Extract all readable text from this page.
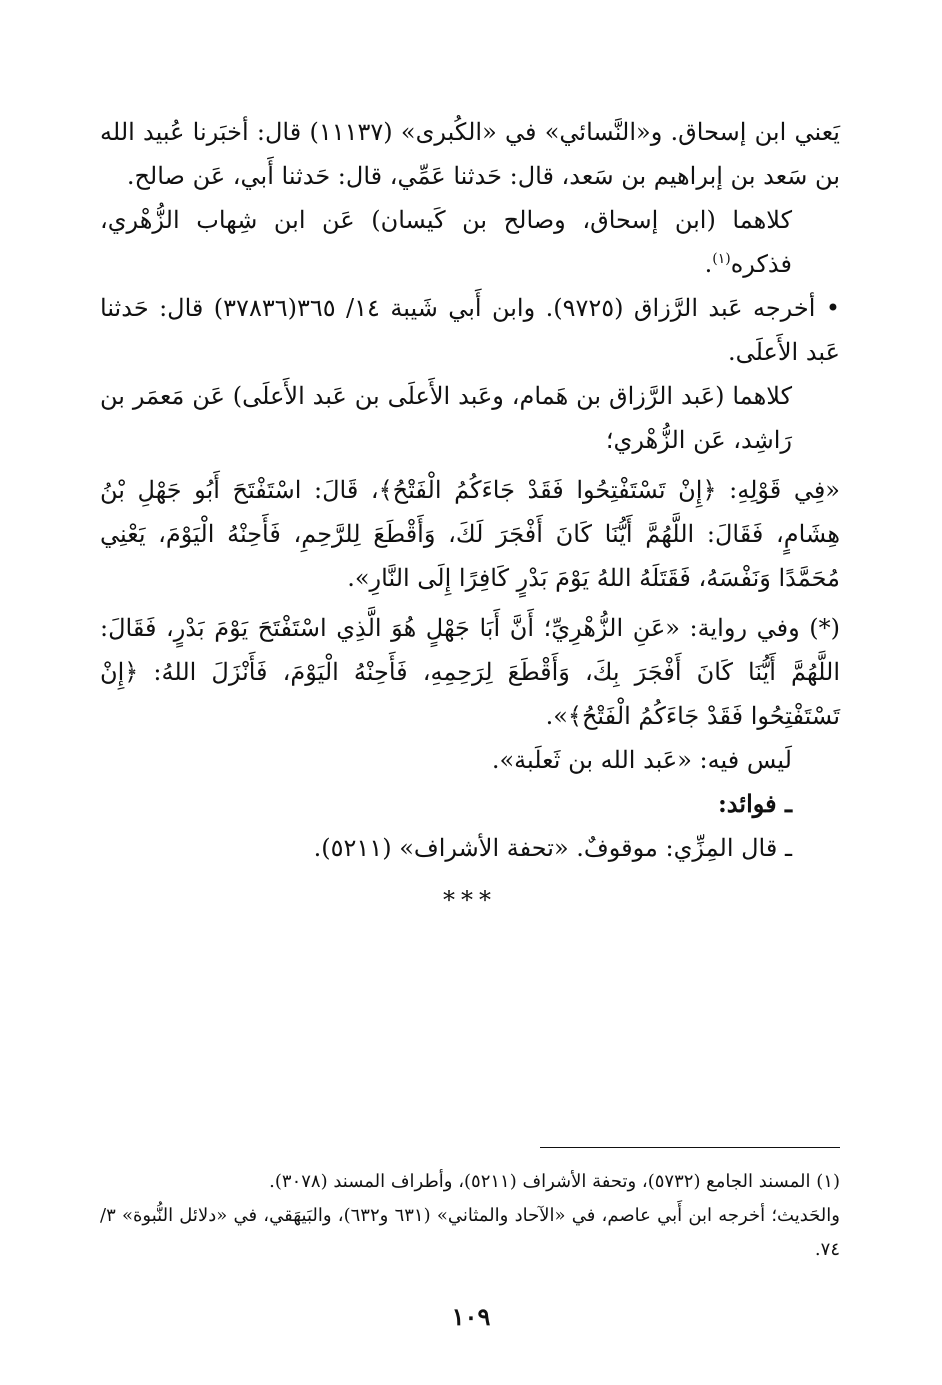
يَعني ابن إسحاق. و«النَّسائي» في «الكُبرى» (١١١٣٧) قال: أخبَرنا عُبيد الله بن سَعد بن إبراهيم بن سَعد، قال: حَدثنا عَمِّي، قال: حَدثنا أَبي، عَن صالح.

كلاهما (ابن إسحاق، وصالح بن كَيسان) عَن ابن شِهاب الزُّهْري، فذكره$^{(١)}$.

• أخرجه عَبد الرَّزاق (٩٧٢٥). وابن أَبي شَيبة ١٤/ ٣٦٥(٣٧٨٣٦) قال: حَدثنا عَبد الأَعلَى.

كلاهما (عَبد الرَّزاق بن هَمام، وعَبد الأَعلَى بن عَبد الأَعلَى) عَن مَعمَر بن رَاشِد، عَن الزُّهْري؛

«فِي قَوْلِهِ: ﴿إِنْ تَسْتَفْتِحُوا فَقَدْ جَاءَكُمُ الْفَتْحُ﴾، قَالَ: اسْتَفْتَحَ أَبُو جَهْلِ بْنُ هِشَامٍ، فَقَالَ: اللَّهُمَّ أَيُّنَا كَانَ أَفْجَرَ لَكَ، وَأَقْطَعَ لِلرَّحِمِ، فَأَحِنْهُ الْيَوْمَ، يَعْنِي مُحَمَّدًا وَنَفْسَهُ، فَقَتَلَهُ اللهُ يَوْمَ بَدْرٍ كَافِرًا إِلَى النَّارِ».

(*) وفي رواية: «عَنِ الزُّهْرِيِّ؛ أَنَّ أَبَا جَهْلٍ هُوَ الَّذِي اسْتَفْتَحَ يَوْمَ بَدْرٍ، فَقَالَ: اللَّهُمَّ أَيُّنَا كَانَ أَفْجَرَ بِكَ، وَأَقْطَعَ لِرَحِمِهِ، فَأَحِنْهُ الْيَوْمَ، فَأَنْزَلَ اللهُ: ﴿إِنْ تَسْتَفْتِحُوا فَقَدْ جَاءَكُمُ الْفَتْحُ﴾».

لَيس فيه: «عَبد الله بن ثَعلَبة».

ـ فوائد:

ـ قال المِزِّي: موقوفٌ. «تحفة الأشراف» (٥٢١١).

***

(١) المسند الجامع (٥٧٣٢)، وتحفة الأشراف (٥٢١١)، وأطراف المسند (٣٠٧٨).

والحَديث؛ أخرجه ابن أَبي عاصم، في «الآحاد والمثاني» (٦٣١ و٦٣٢)، والبَيهَقي، في «دلائل النُّبوة» ٣/ ٧٤.

١٠٩
